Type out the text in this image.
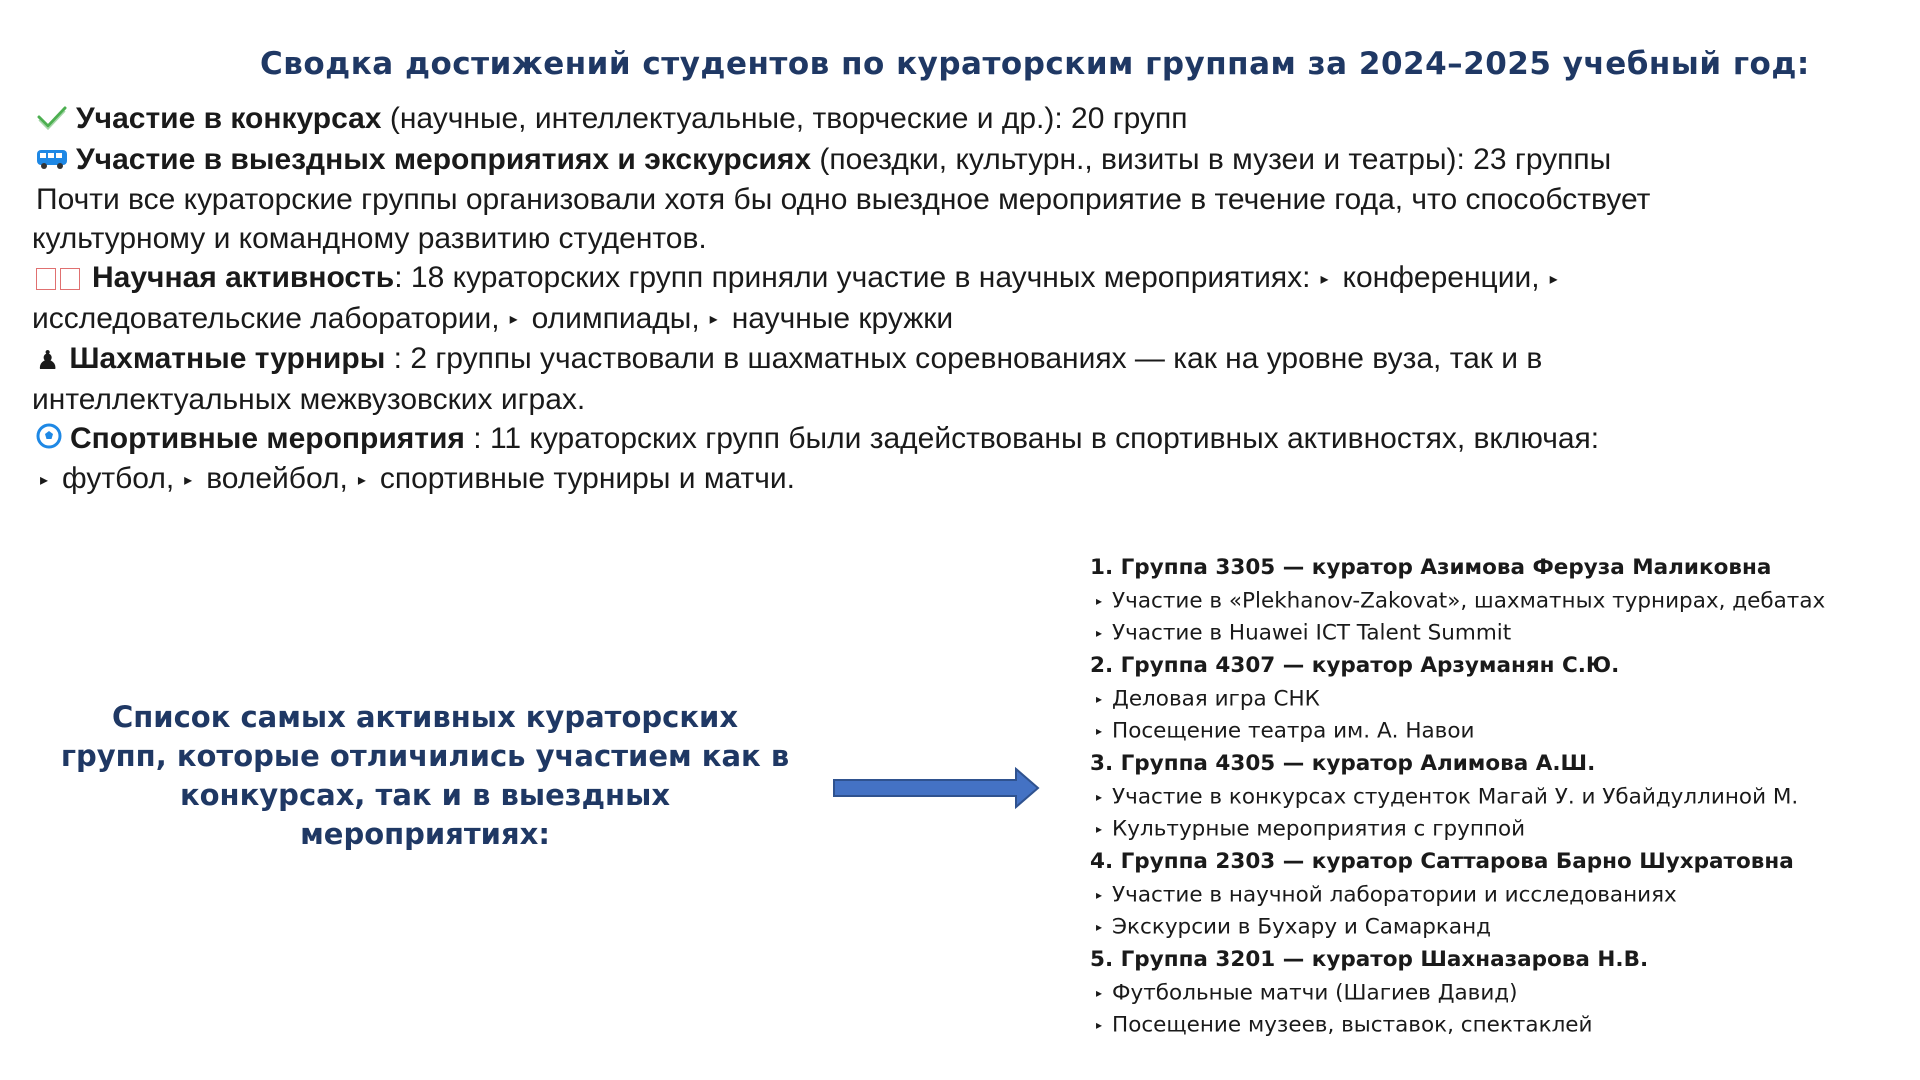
Сводка достижений студентов по кураторским группам за 2024–2025 учебный год:
Участие в конкурсах (научные, интеллектуальные, творческие и др.): 20 групп
Участие в выездных мероприятиях и экскурсиях (поездки, культурн., визиты в музеи и театры): 23 группы
Почти все кураторские группы организовали хотя бы одно выездное мероприятие в течение года, что способствует
культурному и командному развитию студентов.
Научная активность: 18 кураторских групп приняли участие в научных мероприятиях: ▸ конференции, ▸
исследовательские лаборатории, ▸ олимпиады, ▸ научные кружки
♟ Шахматные турниры : 2 группы участвовали в шахматных соревнованиях — как на уровне вуза, так и в
интеллектуальных межвузовских играх.
Спортивные мероприятия : 11 кураторских групп были задействованы в спортивных активностях, включая:
▸ футбол, ▸ волейбол, ▸ спортивные турниры и матчи.
Список самых активных кураторских групп, которые отличились участием как в конкурсах, так и в выездных мероприятиях:
1. Группа 3305 — куратор Азимова Феруза Маликовна
▸ Участие в «Plekhanov-Zakovat», шахматных турнирах, дебатах
▸ Участие в Huawei ICT Talent Summit
2. Группа 4307 — куратор Арзуманян С.Ю.
▸ Деловая игра СНК
▸ Посещение театра им. А. Навои
3. Группа 4305 — куратор Алимова А.Ш.
▸ Участие в конкурсах студенток Магай У. и Убайдуллиной М.
▸ Культурные мероприятия с группой
4. Группа 2303 — куратор Саттарова Барно Шухратовна
▸ Участие в научной лаборатории и исследованиях
▸ Экскурсии в Бухару и Самарканд
5. Группа 3201 — куратор Шахназарова Н.В.
▸ Футбольные матчи (Шагиев Давид)
▸ Посещение музеев, выставок, спектаклей
